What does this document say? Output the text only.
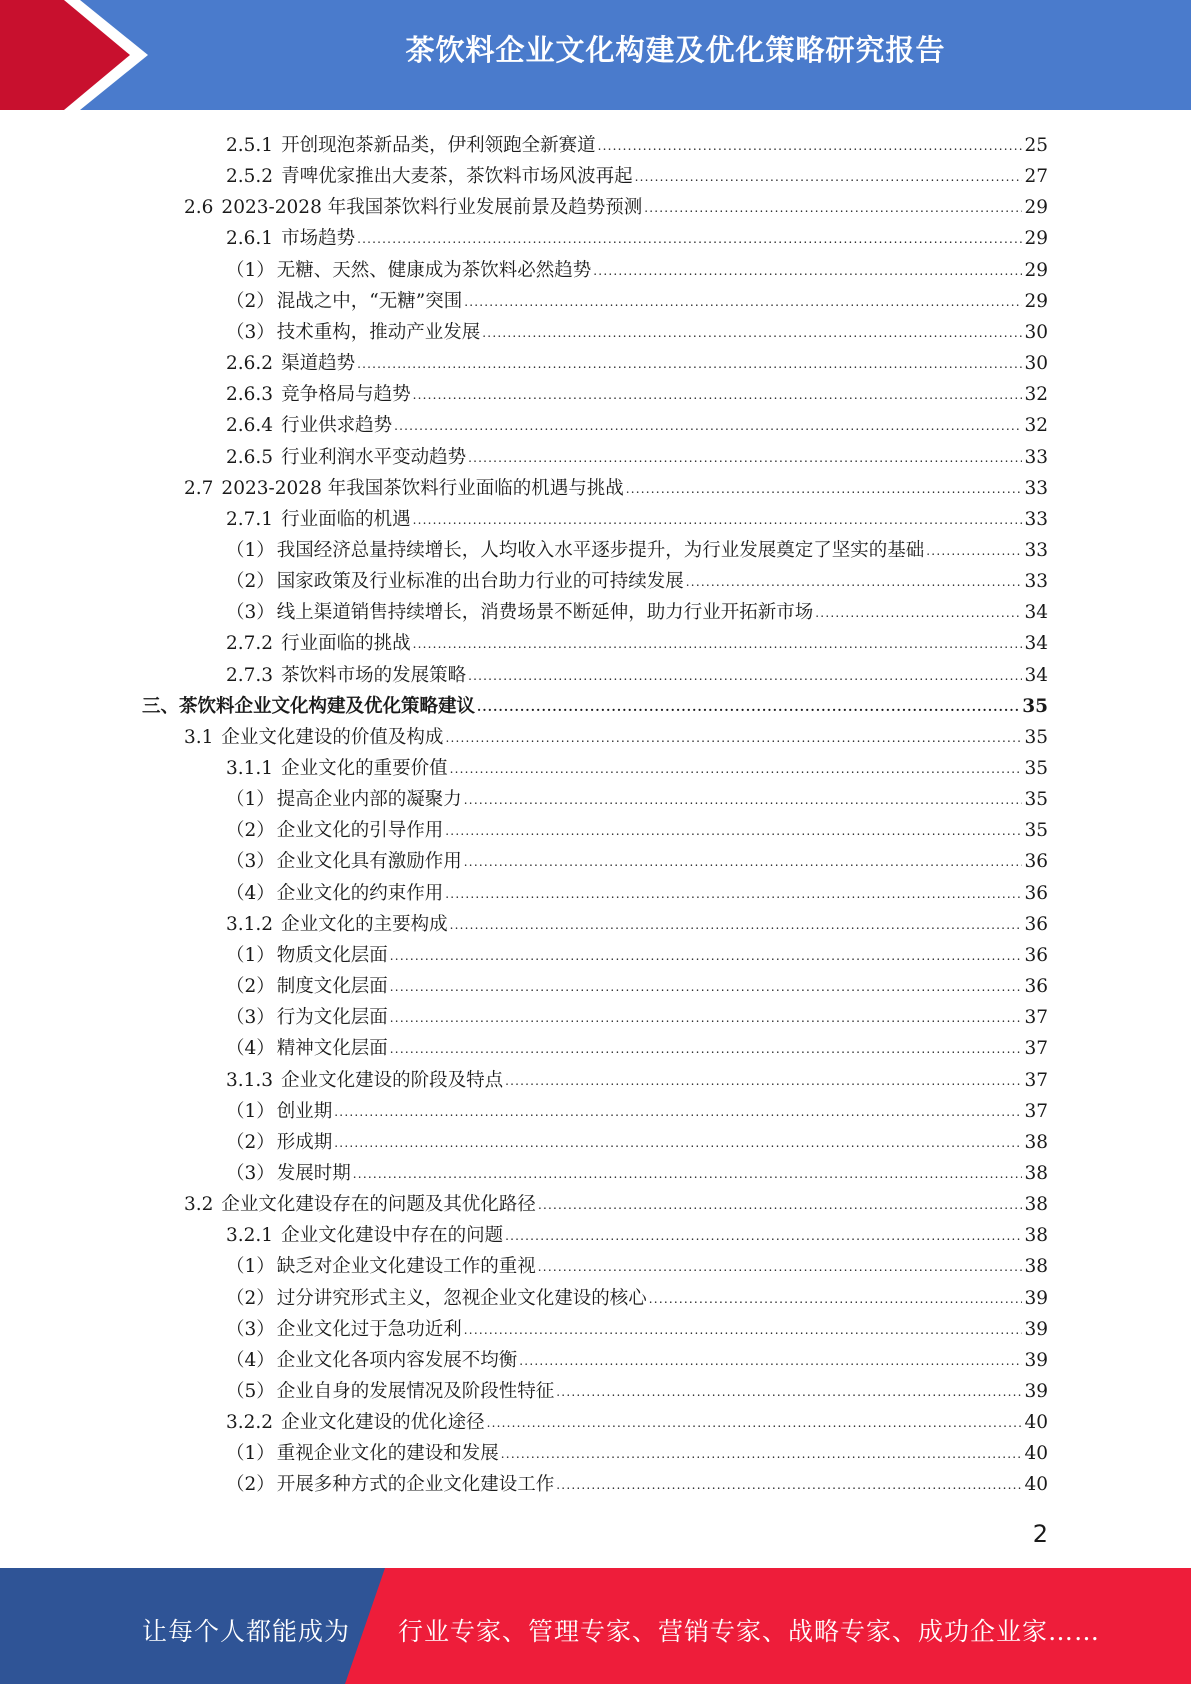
茶饮料企业文化构建及优化策略研究报告
2.5.1 开创现泡茶新品类，伊利领跑全新赛道 .....	25
2.5.2 青啤优家推出大麦茶，茶饮料市场风波再起 .....	27
2.6 2023-2028 年我国茶饮料行业发展前景及趋势预测 .....	29
2.6.1 市场趋势 .....	29
（1） 无糖、天然、健康成为茶饮料必然趋势 .....	29
（2） 混战之中，“无糖”突围 .....	29
（3） 技术重构，推动产业发展 .....	30
2.6.2 渠道趋势 .....	30
2.6.3 竞争格局与趋势 .....	32
2.6.4 行业供求趋势 .....	32
2.6.5 行业利润水平变动趋势 .....	33
2.7 2023-2028 年我国茶饮料行业面临的机遇与挑战 .....	33
2.7.1 行业面临的机遇 .....	33
（1） 我国经济总量持续增长，人均收入水平逐步提升，为行业发展奠定了坚实的基础 .....	33
（2） 国家政策及行业标准的出台助力行业的可持续发展 .....	33
（3） 线上渠道销售持续增长，消费场景不断延伸，助力行业开拓新市场 .....	34
2.7.2 行业面临的挑战 .....	34
2.7.3 茶饮料市场的发展策略 .....	34
三、 茶饮料企业文化构建及优化策略建议 .....	35
3.1 企业文化建设的价值及构成 .....	35
3.1.1 企业文化的重要价值 .....	35
（1） 提高企业内部的凝聚力 .....	35
（2） 企业文化的引导作用 .....	35
（3） 企业文化具有激励作用 .....	36
（4） 企业文化的约束作用 .....	36
3.1.2 企业文化的主要构成 .....	36
（1） 物质文化层面 .....	36
（2） 制度文化层面 .....	36
（3） 行为文化层面 .....	37
（4） 精神文化层面 .....	37
3.1.3 企业文化建设的阶段及特点 .....	37
（1） 创业期 .....	37
（2） 形成期 .....	38
（3） 发展时期 .....	38
3.2 企业文化建设存在的问题及其优化路径 .....	38
3.2.1 企业文化建设中存在的问题 .....	38
（1） 缺乏对企业文化建设工作的重视 .....	38
（2） 过分讲究形式主义，忽视企业文化建设的核心 .....	39
（3） 企业文化过于急功近利 .....	39
（4） 企业文化各项内容发展不均衡 .....	39
（5） 企业自身的发展情况及阶段性特征 .....	39
3.2.2 企业文化建设的优化途径 .....	40
（1） 重视企业文化的建设和发展 .....	40
（2） 开展多种方式的企业文化建设工作 .....	40
2
让每个人都能成为 行业专家、管理专家、营销专家、战略专家、成功企业家……
